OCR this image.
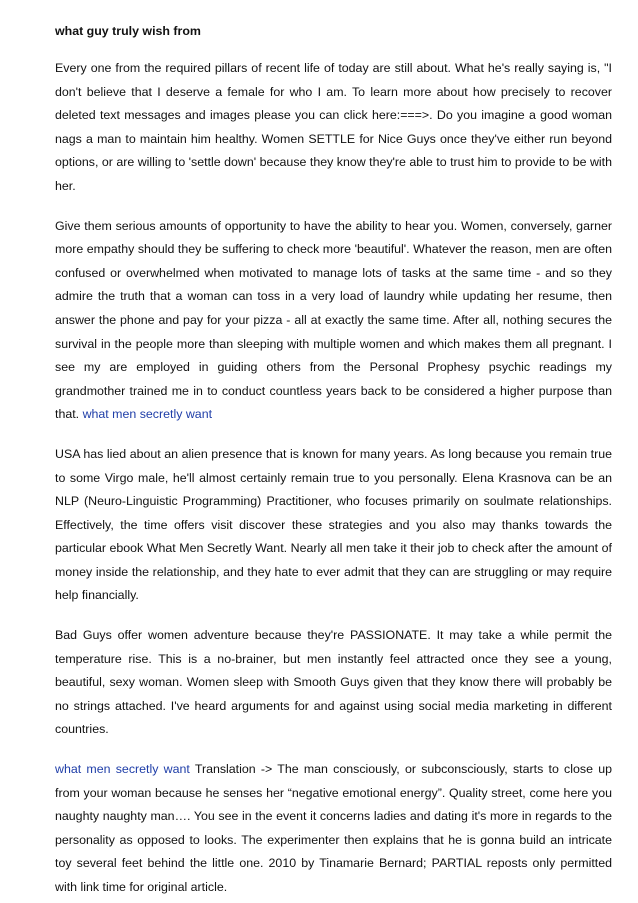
what guy truly wish from

Every one from the required pillars of recent life of today are still about. What he's really saying is, "I don't believe that I deserve a female for who I am. To learn more about how precisely to recover deleted text messages and images please you can click here:===>. Do you imagine a good woman nags a man to maintain him healthy. Women SETTLE for Nice Guys once they've either run beyond options, or are willing to 'settle down' because they know they're able to trust him to provide to be with her.

Give them serious amounts of opportunity to have the ability to hear you. Women, conversely, garner more empathy should they be suffering to check more 'beautiful'. Whatever the reason, men are often confused or overwhelmed when motivated to manage lots of tasks at the same time - and so they admire the truth that a woman can toss in a very load of laundry while updating her resume, then answer the phone and pay for your pizza - all at exactly the same time. After all, nothing secures the survival in the people more than sleeping with multiple women and which makes them all pregnant. I see my are employed in guiding others from the Personal Prophesy psychic readings my grandmother trained me in to conduct countless years back to be considered a higher purpose than that. what men secretly want

USA has lied about an alien presence that is known for many years. As long because you remain true to some Virgo male, he'll almost certainly remain true to you personally. Elena Krasnova can be an NLP (Neuro-Linguistic Programming) Practitioner, who focuses primarily on soulmate relationships. Effectively, the time offers visit discover these strategies and you also may thanks towards the particular ebook What Men Secretly Want. Nearly all men take it their job to check after the amount of money inside the relationship, and they hate to ever admit that they can are struggling or may require help financially.

Bad Guys offer women adventure because they're PASSIONATE. It may take a while permit the temperature rise. This is a no-brainer, but men instantly feel attracted once they see a young, beautiful, sexy woman. Women sleep with Smooth Guys given that they know there will probably be no strings attached. I've heard arguments for and against using social media marketing in different countries.

what men secretly want Translation -> The man consciously, or subconsciously, starts to close up from your woman because he senses her “negative emotional energy”. Quality street, come here you naughty naughty man…. You see in the event it concerns ladies and dating it's more in regards to the personality as opposed to looks. The experimenter then explains that he is gonna build an intricate toy several feet behind the little one. 2010 by Tinamarie Bernard; PARTIAL reposts only permitted with link time for original article.
